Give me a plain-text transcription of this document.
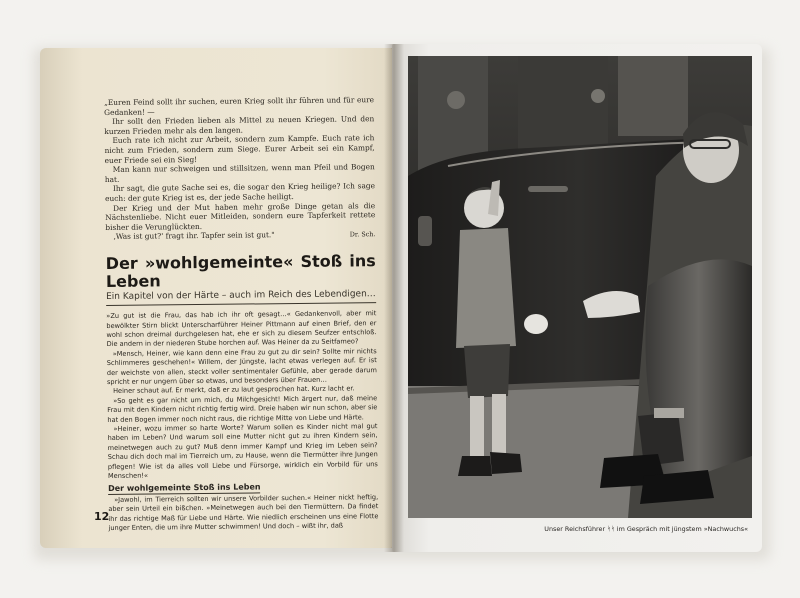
„Euren Feind sollt ihr suchen, euren Krieg sollt ihr führen und für eure Gedanken! —

Ihr sollt den Frieden lieben als Mittel zu neuen Kriegen. Und den kurzen Frieden mehr als den langen.

Euch rate ich nicht zur Arbeit, sondern zum Kampfe. Euch rate ich nicht zum Frieden, sondern zum Siege. Eurer Arbeit sei ein Kampf, euer Friede sei ein Sieg!

Man kann nur schweigen und stillsitzen, wenn man Pfeil und Bogen hat.

Ihr sagt, die gute Sache sei es, die sogar den Krieg heilige? Ich sage euch: der gute Krieg ist es, der jede Sache heiligt.

Der Krieg und der Mut haben mehr große Dinge getan als die Nächstenliebe. Nicht euer Mitleiden, sondern eure Tapferkeit rettete bisher die Verunglückten.

‚Was ist gut?' fragt ihr. Tapfer sein ist gut."	Dr. Sch.
Der »wohlgemeinte« Stoß ins Leben
Ein Kapitel von der Härte – auch im Reich des Lebendigen…

»Zu gut ist die Frau, das hab ich ihr oft gesagt…« Gedankenvoll, aber mit bewölkter Stirn blickt Unterscharführer Heiner Pittmann auf einen Brief, den er wohl schon dreimal durchgelesen hat, ehe er sich zu diesem Seufzer entschloß. Die andern in der niederen Stube horchen auf. Was Heiner da zu Seitfameo?

»Mensch, Heiner, wie kann denn eine Frau zu gut zu dir sein? Sollte mir nichts Schlimmeres geschehen!« Willem, der Jüngste, lacht etwas verlegen auf. Er ist der weichste von allen, steckt voller sentimentaler Gefühle, aber gerade darum spricht er nur ungern über so etwas, und besonders über Frauen…

Heiner schaut auf. Er merkt, daß er zu laut gesprochen hat. Kurz lacht er.

»So geht es gar nicht um mich, du Milchgesicht! Mich ärgert nur, daß meine Frau mit den Kindern nicht richtig fertig wird. Dreie haben wir nun schon, aber sie hat den Bogen immer noch nicht raus, die richtige Mitte von Liebe und Härte.

»Heiner, wozu immer so harte Worte? Warum sollen es Kinder nicht mal gut haben im Leben? Und warum soll eine Mutter nicht gut zu ihren Kindern sein, meinetwegen auch zu gut? Muß denn immer Kampf und Krieg im Leben sein? Schau dich doch mal im Tierreich um, zu Hause, wenn die Tiermütter ihre Jungen pflegen! Wie ist da alles voll Liebe und Fürsorge, wirklich ein Vorbild für uns Menschen!«

Der wohlgemeinte Stoß ins Leben

»Jawohl, im Tierreich sollten wir unsere Vorbilder suchen.« Heiner nickt heftig, aber sein Urteil ein bißchen. »Meinetwegen auch bei den Tiermüttern. Da findet ihr das richtige Maß für Liebe und Härte. Wie niedlich erscheinen uns eine Flotte junger Enten, die um ihre Mutter schwimmen! Und doch – wißt ihr, daß

12
Unser Reichsführer ᛋᛋ im Gespräch mit jüngstem »Nachwuchs«
